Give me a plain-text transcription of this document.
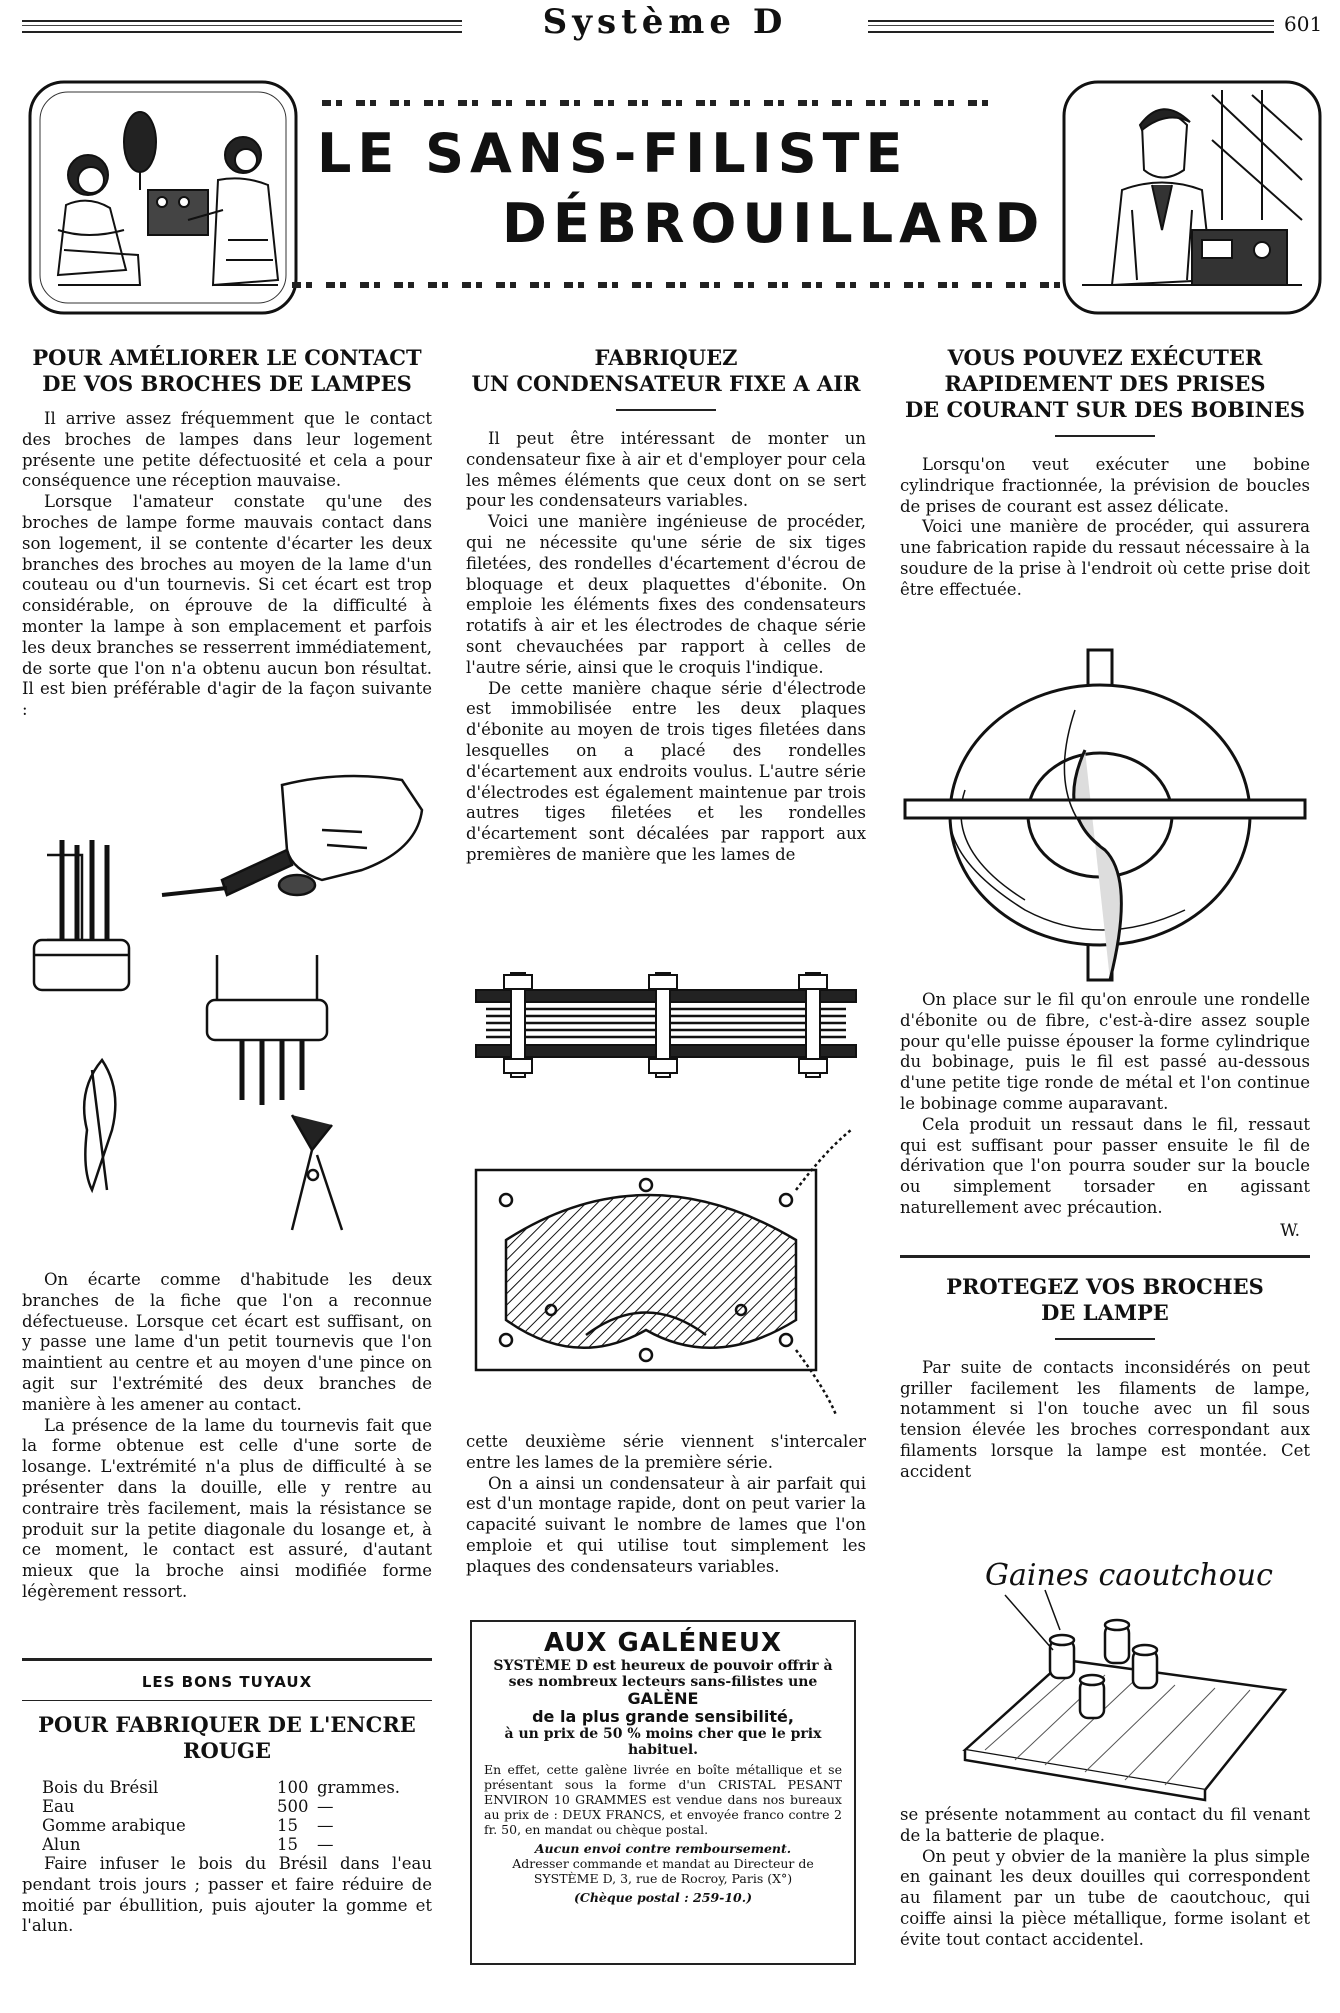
Système D	601
LE SANS-FILISTE
DÉBROUILLARD
POUR AMÉLIORER LE CONTACT
DE VOS BROCHES DE LAMPES

Il arrive assez fréquemment que le contact des broches de lampes dans leur logement présente une petite défectuosité et cela a pour conséquence une réception mauvaise.

Lorsque l'amateur constate qu'une des broches de lampe forme mauvais contact dans son logement, il se contente d'écarter les deux branches des broches au moyen de la lame d'un couteau ou d'un tournevis. Si cet écart est trop considérable, on éprouve de la difficulté à monter la lampe à son emplacement et parfois les deux branches se resserrent immédiatement, de sorte que l'on n'a obtenu aucun bon résultat. Il est bien préférable d'agir de la façon suivante :

On écarte comme d'habitude les deux branches de la fiche que l'on a reconnue défectueuse. Lorsque cet écart est suffisant, on y passe une lame d'un petit tournevis que l'on maintient au centre et au moyen d'une pince on agit sur l'extrémité des deux branches de manière à les amener au contact.

La présence de la lame du tournevis fait que la forme obtenue est celle d'une sorte de losange. L'extrémité n'a plus de difficulté à se présenter dans la douille, elle y rentre au contraire très facilement, mais la résistance se produit sur la petite diagonale du losange et, à ce moment, le contact est assuré, d'autant mieux que la broche ainsi modifiée forme légèrement ressort.

LES BONS TUYAUX
POUR FABRIQUER DE L'ENCRE
ROUGE
Bois du Brésil	100 grammes.
Eau	500 —
Gomme arabique	15	—
Alun	15	—

Faire infuser le bois du Brésil dans l'eau pendant trois jours ; passer et faire réduire de moitié par ébullition, puis ajouter la gomme et l'alun.

FABRIQUEZ
UN CONDENSATEUR FIXE A AIR

Il peut être intéressant de monter un condensateur fixe à air et d'employer pour cela les mêmes éléments que ceux dont on se sert pour les condensateurs variables.

Voici une manière ingénieuse de procéder, qui ne nécessite qu'une série de six tiges filetées, des rondelles d'écartement d'écrou de bloquage et deux plaquettes d'ébonite. On emploie les éléments fixes des condensateurs rotatifs à air et les électrodes de chaque série sont chevauchées par rapport à celles de l'autre série, ainsi que le croquis l'indique.

De cette manière chaque série d'électrode est immobilisée entre les deux plaques d'ébonite au moyen de trois tiges filetées dans lesquelles on a placé des rondelles d'écartement aux endroits voulus. L'autre série d'électrodes est également maintenue par trois autres tiges filetées et les rondelles d'écartement sont décalées par rapport aux premières de manière que les lames de

cette deuxième série viennent s'intercaler entre les lames de la première série.

On a ainsi un condensateur à air parfait qui est d'un montage rapide, dont on peut varier la capacité suivant le nombre de lames que l'on emploie et qui utilise tout simplement les plaques des condensateurs variables.

AUX GALÉNEUX
SYSTÈME D est heureux de pouvoir offrir à ses nombreux lecteurs sans-filistes une
GALÈNE
de la plus grande sensibilité,
à un prix de 50 % moins cher que le prix habituel.
En effet, cette galène livrée en boîte métallique et se présentant sous la forme d'un CRISTAL PESANT ENVIRON 10 GRAMMES est vendue dans nos bureaux au prix de : DEUX FRANCS, et envoyée franco contre 2 fr. 50, en mandat ou chèque postal.
Aucun envoi contre remboursement.
Adresser commande et mandat au Directeur de SYSTÈME D, 3, rue de Rocroy, Paris (X°)
(Chèque postal : 259-10.)
VOUS POUVEZ EXÉCUTER
RAPIDEMENT DES PRISES
DE COURANT SUR DES BOBINES

Lorsqu'on veut exécuter une bobine cylindrique fractionnée, la prévision de boucles de prises de courant est assez délicate.

Voici une manière de procéder, qui assurera une fabrication rapide du ressaut nécessaire à la soudure de la prise à l'endroit où cette prise doit être effectuée.

On place sur le fil qu'on enroule une rondelle d'ébonite ou de fibre, c'est-à-dire assez souple pour qu'elle puisse épouser la forme cylindrique du bobinage, puis le fil est passé au-dessous d'une petite tige ronde de métal et l'on continue le bobinage comme auparavant.

Cela produit un ressaut dans le fil, ressaut qui est suffisant pour passer ensuite le fil de dérivation que l'on pourra souder sur la boucle ou simplement torsader en agissant naturellement avec précaution.

W.
PROTEGEZ VOS BROCHES
DE LAMPE

Par suite de contacts inconsidérés on peut griller facilement les filaments de lampe, notamment si l'on touche avec un fil sous tension élevée les broches correspondant aux filaments lorsque la lampe est montée. Cet accident

Gaines caoutchouc

se présente notamment au contact du fil venant de la batterie de plaque.

On peut y obvier de la manière la plus simple en gainant les deux douilles qui correspondent au filament par un tube de caoutchouc, qui coiffe ainsi la pièce métallique, forme isolant et évite tout contact accidentel.
